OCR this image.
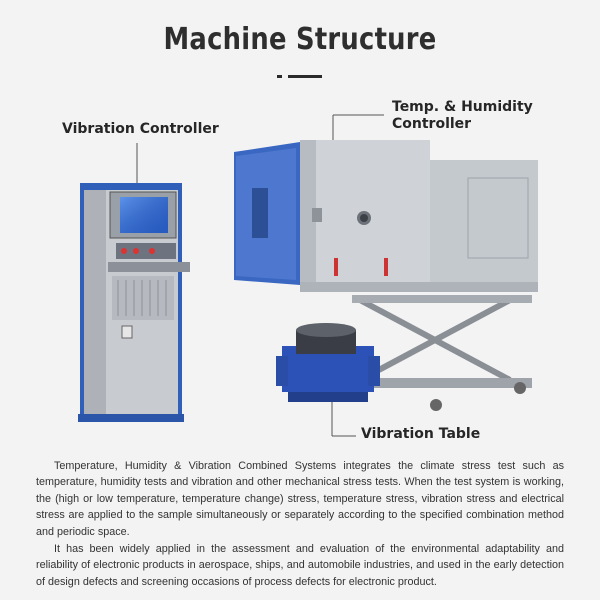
Machine Structure
Vibration Controller
Temp. & Humidity
Controller
Vibration Table

Temperature, Humidity & Vibration Combined Systems integrates the climate stress test such as temperature, humidity tests and vibration and other mechanical stress tests. When the test system is working, the (high or low temperature, temperature change) stress, temperature stress, vibration stress and electrical stress are applied to the sample simultaneously or separately according to the specified combination method and periodic space.

It has been widely applied in the assessment and evaluation of the environmental adaptability and reliability of electronic products in aerospace, ships, and automobile industries, and used in the early detection of design defects and screening occasions of process defects for electronic product.
